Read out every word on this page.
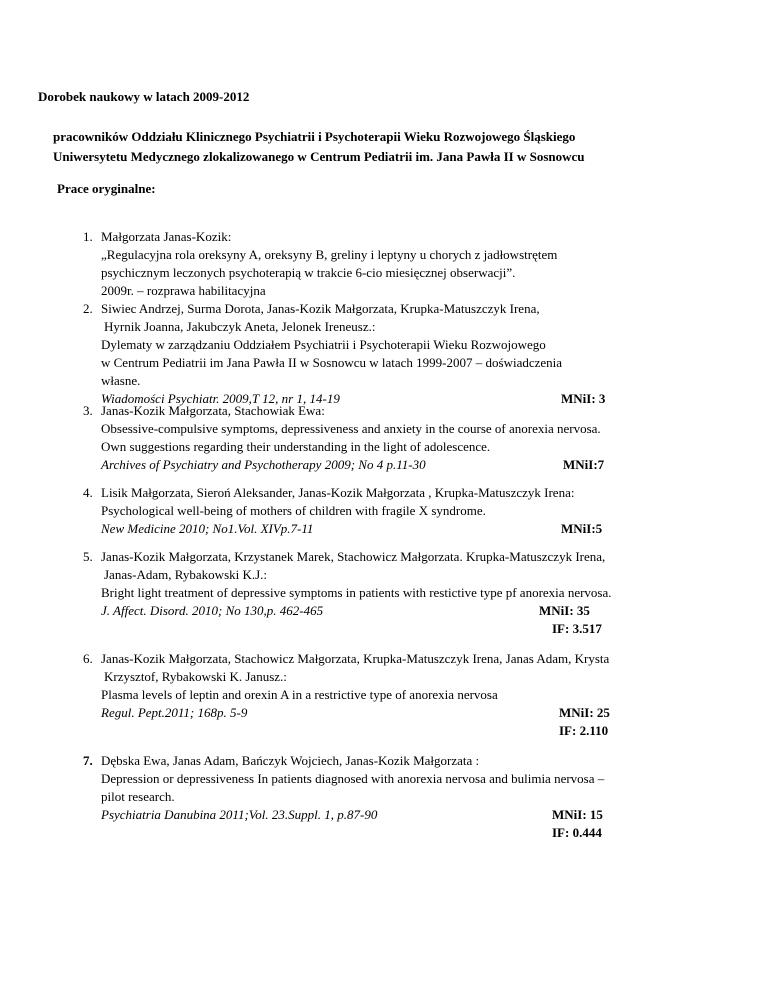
Dorobek naukowy w latach 2009-2012
pracowników Oddziału Klinicznego Psychiatrii i Psychoterapii Wieku Rozwojowego Śląskiego
Uniwersytetu Medycznego zlokalizowanego w Centrum Pediatrii im. Jana Pawła II w Sosnowcu
Prace oryginalne:
1. Małgorzata Janas-Kozik:
„Regulacyjna rola oreksyny A, oreksyny B, greliny i leptyny u chorych z jadłowstrętem
psychicznym leczonych psychoterapią w trakcie 6-cio miesięcznej obserwacji”.
2009r. – rozprawa habilitacyjna
2. Siwiec Andrzej, Surma Dorota, Janas-Kozik Małgorzata, Krupka-Matuszczyk Irena,
Hyrnik Joanna, Jakubczyk Aneta, Jelonek Ireneusz.:
Dylematy w zarządzaniu Oddziałem Psychiatrii i Psychoterapii Wieku Rozwojowego
w Centrum Pediatrii im Jana Pawła II w Sosnowcu w latach 1999-2007 – doświadczenia
własne.
Wiadomości Psychiatr. 2009,T 12, nr 1, 14-19	MNiI: 3
3. Janas-Kozik Małgorzata, Stachowiak Ewa:
Obsessive-compulsive symptoms, depressiveness and anxiety in the course of anorexia nervosa.
Own suggestions regarding their understanding in the light of adolescence.
Archives of Psychiatry and Psychotherapy 2009; No 4 p.11-30	MNiI:7
4. Lisik Małgorzata, Sieroń Aleksander, Janas-Kozik Małgorzata , Krupka-Matuszczyk Irena:
Psychological well-being of mothers of children with fragile X syndrome.
New Medicine 2010; No1.Vol. XIVp.7-11	MNiI:5
5. Janas-Kozik Małgorzata, Krzystanek Marek, Stachowicz Małgorzata. Krupka-Matuszczyk Irena,
Janas-Adam, Rybakowski K.J.:
Bright light treatment of depressive symptoms in patients with restictive type pf anorexia nervosa.
J. Affect. Disord. 2010; No 130,p. 462-465	MNiI: 35
IF: 3.517

6. Janas-Kozik Małgorzata, Stachowicz Małgorzata, Krupka-Matuszczyk Irena, Janas Adam, Krysta
Krzysztof, Rybakowski K. Janusz.:
Plasma levels of leptin and orexin A in a restrictive type of anorexia nervosa
Regul. Pept.2011; 168p. 5-9	MNiI: 25
IF: 2.110

7. Dębska Ewa, Janas Adam, Bańczyk Wojciech, Janas-Kozik Małgorzata :
Depression or depressiveness In patients diagnosed with anorexia nervosa and bulimia nervosa –
pilot research.
Psychiatria Danubina 2011;Vol. 23.Suppl. 1, p.87-90	MNiI: 15
IF: 0.444
